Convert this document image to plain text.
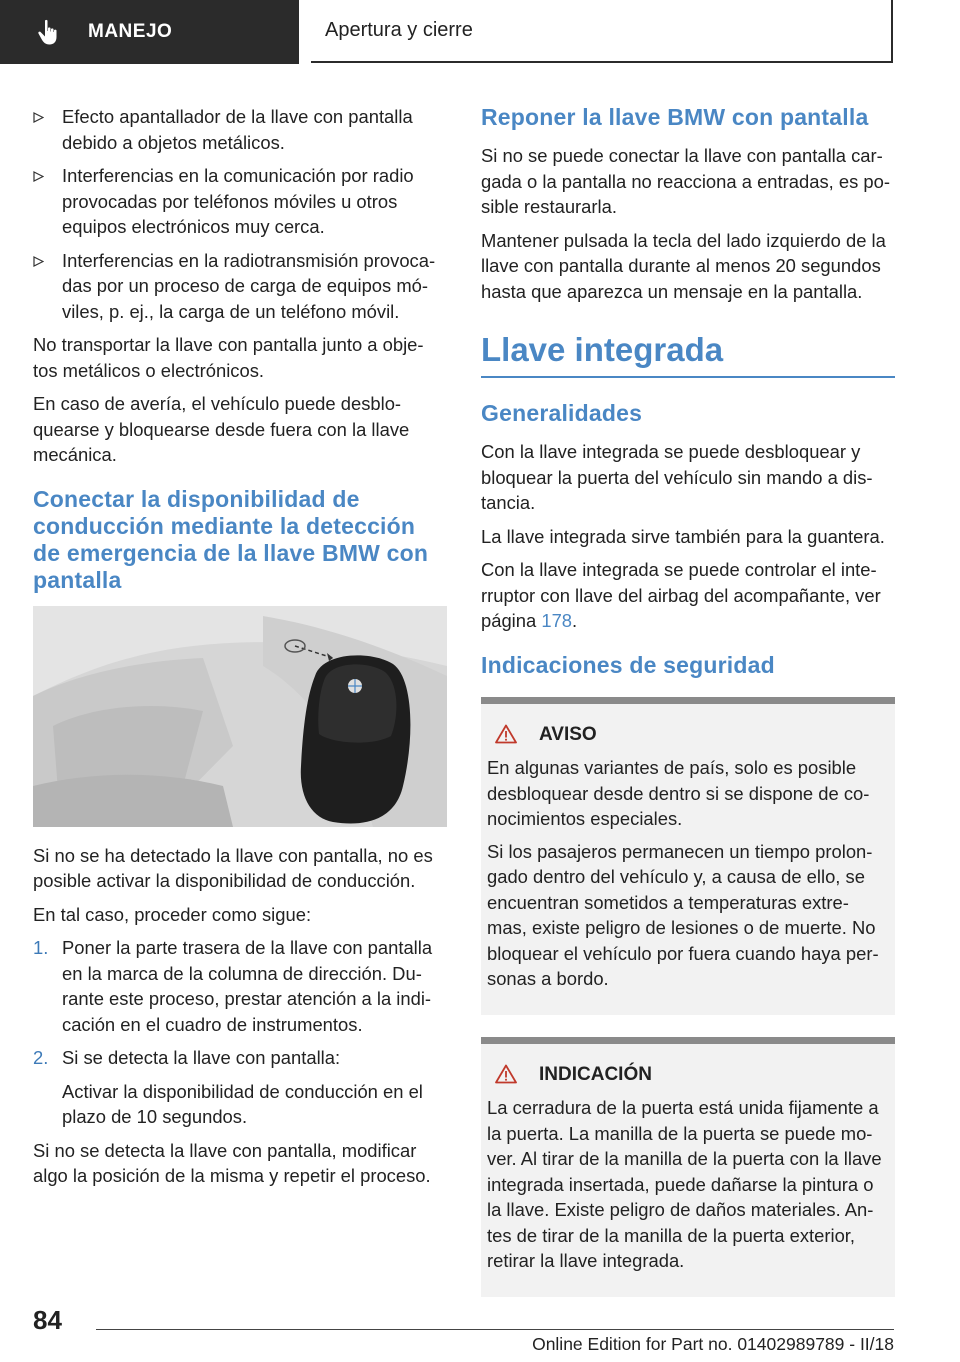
MANEJO	Apertura y cierre
Efecto apantallador de la llave con pantalla debido a objetos metálicos.
Interferencias en la comunicación por radio provocadas por teléfonos móviles u otros equipos electrónicos muy cerca.
Interferencias en la radiotransmisión provoca-das por un proceso de carga de equipos mó-viles, p. ej., la carga de un teléfono móvil.

No transportar la llave con pantalla junto a obje-tos metálicos o electrónicos.

En caso de avería, el vehículo puede desblo-quearse y bloquearse desde fuera con la llave mecánica.

Conectar la disponibilidad de conducción mediante la detección de emergencia de la llave BMW con pantalla

Si no se ha detectado la llave con pantalla, no es posible activar la disponibilidad de conducción.

En tal caso, proceder como sigue:

1. Poner la parte trasera de la llave con pantalla en la marca de la columna de dirección. Du-rante este proceso, prestar atención a la indi-cación en el cuadro de instrumentos.
2. Si se detecta la llave con pantalla:
Activar la disponibilidad de conducción en el plazo de 10 segundos.

Si no se detecta la llave con pantalla, modificar algo la posición de la misma y repetir el proceso.

Reponer la llave BMW con pantalla

Si no se puede conectar la llave con pantalla car-gada o la pantalla no reacciona a entradas, es po-sible restaurarla.

Mantener pulsada la tecla del lado izquierdo de la llave con pantalla durante al menos 20 segundos hasta que aparezca un mensaje en la pantalla.

Llave integrada
Generalidades

Con la llave integrada se puede desbloquear y bloquear la puerta del vehículo sin mando a dis-tancia.

La llave integrada sirve también para la guantera.

Con la llave integrada se puede controlar el inte-rruptor con llave del airbag del acompañante, ver página 178.

Indicaciones de seguridad
AVISO

En algunas variantes de país, solo es posible desbloquear desde dentro si se dispone de co-nocimientos especiales.

Si los pasajeros permanecen un tiempo prolon-gado dentro del vehículo y, a causa de ello, se encuentran sometidos a temperaturas extre-mas, existe peligro de lesiones o de muerte. No bloquear el vehículo por fuera cuando haya per-sonas a bordo.

INDICACIÓN

La cerradura de la puerta está unida fijamente a la puerta. La manilla de la puerta se puede mo-ver. Al tirar de la manilla de la puerta con la llave integrada insertada, puede dañarse la pintura o la llave. Existe peligro de daños materiales. An-tes de tirar de la manilla de la puerta exterior, retirar la llave integrada.

84
Online Edition for Part no. 01402989789 - II/18
